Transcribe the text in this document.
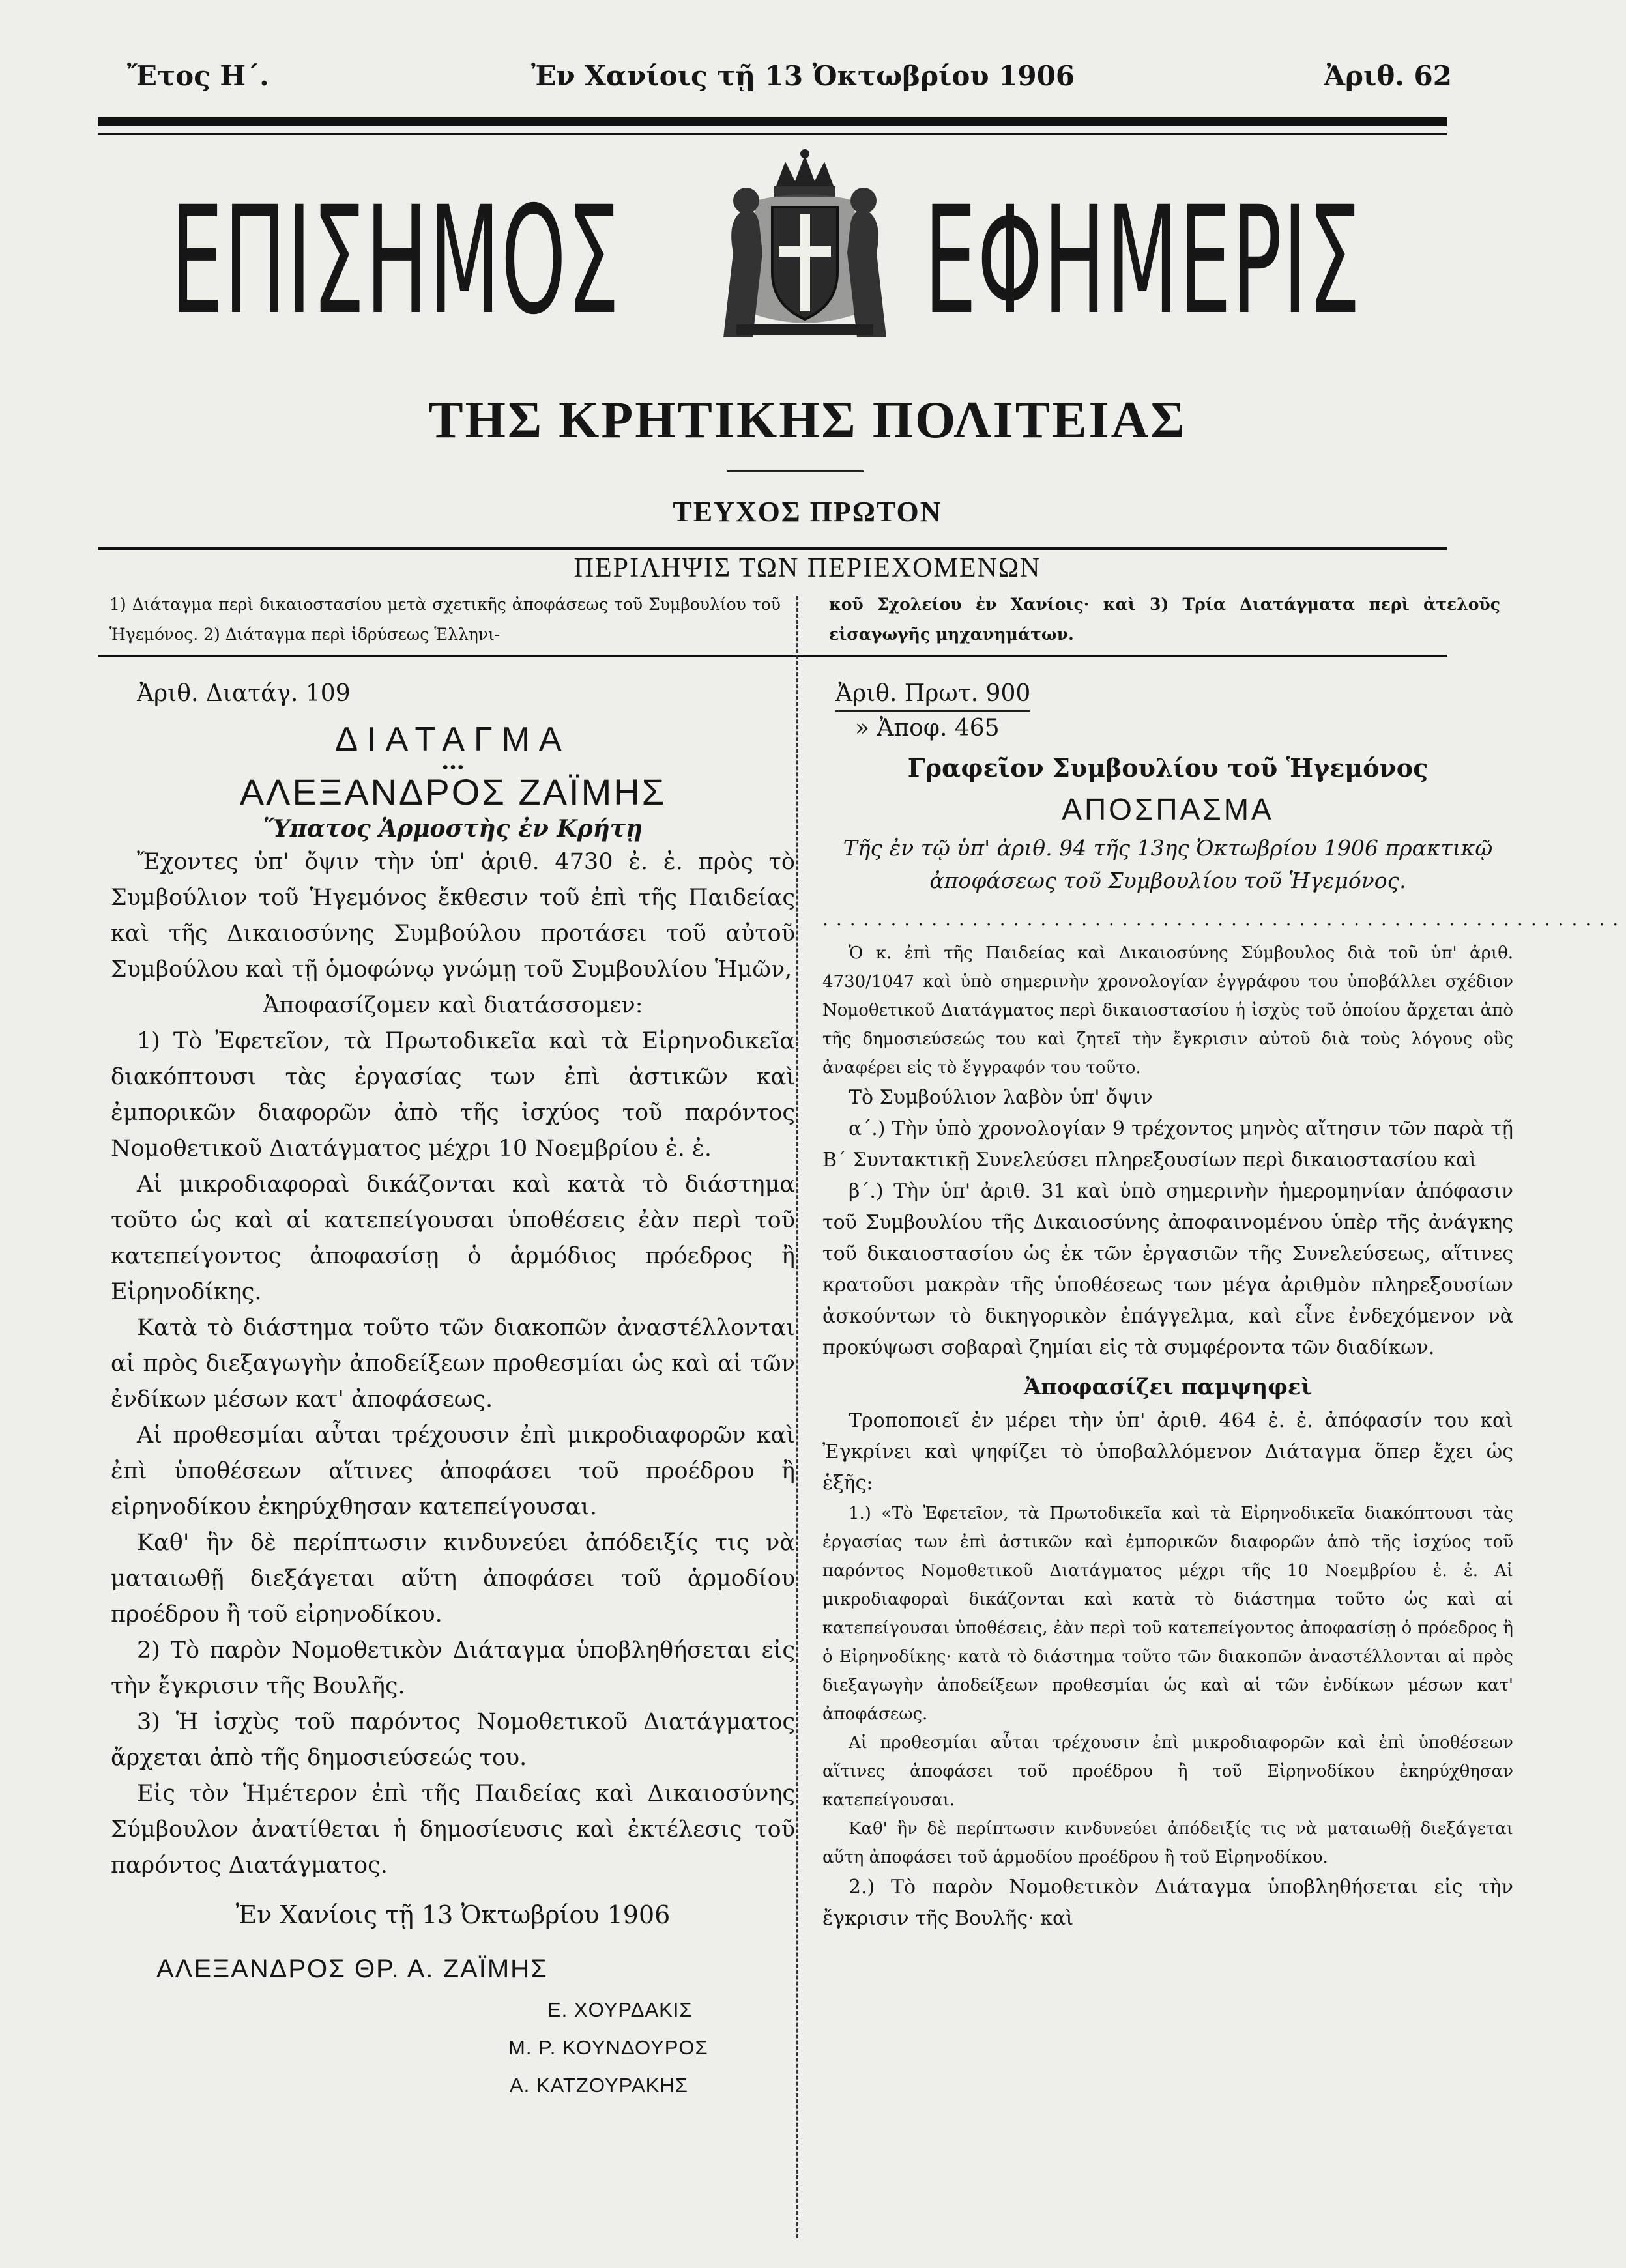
Ἔτος Η΄.	Ἐν Χανίοις τῇ 13 Ὀκτωβρίου 1906	Ἀριθ. 62
ΕΠΙΣΗΜΟΣ ΕΦΗΜΕΡΙΣ
ΤΗΣ ΚΡΗΤΙΚΗΣ ΠΟΛΙΤΕΙΑΣ
ΤΕΥΧΟΣ ΠΡΩΤΟΝ
ΠΕΡΙΛΗΨΙΣ ΤΩΝ ΠΕΡΙΕΧΟΜΕΝΩΝ
1) Διάταγμα περὶ δικαιοστασίου μετὰ σχετικῆς ἀποφάσεως τοῦ Συμβουλίου τοῦ Ἡγεμόνος. 2) Διάταγμα περὶ ἱδρύσεως Ἑλληνι-
κοῦ Σχολείου ἐν Χανίοις· καὶ 3) Τρία Διατάγματα περὶ ἀτελοῦς εἰσαγωγῆς μηχανημάτων.
Ἀριθ. Διατάγ. 109
ΔΙΑΤΑΓΜΑ
∙∙∙
ΑΛΕΞΑΝΔΡΟΣ ΖΑΪΜΗΣ
Ὕπατος Ἁρμοστὴς ἐν Κρήτῃ

Ἔχοντες ὑπ' ὄψιν τὴν ὑπ' ἀριθ. 4730 ἐ. ἐ. πρὸς τὸ Συμβούλιον τοῦ Ἡγεμόνος ἔκθεσιν τοῦ ἐπὶ τῆς Παιδείας καὶ τῆς Δικαιοσύνης Συμβούλου προτάσει τοῦ αὐτοῦ Συμβούλου καὶ τῇ ὁμοφώνῳ γνώμῃ τοῦ Συμβουλίου Ἡμῶν,

Ἀποφασίζομεν καὶ διατάσσομεν:

1) Τὸ Ἐφετεῖον, τὰ Πρωτοδικεῖα καὶ τὰ Εἰρηνοδικεῖα διακόπτουσι τὰς ἐργασίας των ἐπὶ ἀστικῶν καὶ ἐμπορικῶν διαφορῶν ἀπὸ τῆς ἰσχύος τοῦ παρόντος Νομοθετικοῦ Διατάγματος μέχρι 10 Νοεμβρίου ἐ. ἐ.

Αἱ μικροδιαφοραὶ δικάζονται καὶ κατὰ τὸ διάστημα τοῦτο ὡς καὶ αἱ κατεπείγουσαι ὑποθέσεις ἐὰν περὶ τοῦ κατεπείγοντος ἀποφασίσῃ ὁ ἁρμόδιος πρόεδρος ἢ Εἰρηνοδίκης.

Κατὰ τὸ διάστημα τοῦτο τῶν διακοπῶν ἀναστέλλονται αἱ πρὸς διεξαγωγὴν ἀποδείξεων προθεσμίαι ὡς καὶ αἱ τῶν ἐνδίκων μέσων κατ' ἀποφάσεως.

Αἱ προθεσμίαι αὗται τρέχουσιν ἐπὶ μικροδιαφορῶν καὶ ἐπὶ ὑποθέσεων αἵτινες ἀποφάσει τοῦ προέδρου ἢ εἰρηνοδίκου ἐκηρύχθησαν κατεπείγουσαι.

Καθ' ἣν δὲ περίπτωσιν κινδυνεύει ἀπόδειξίς τις νὰ ματαιωθῇ διεξάγεται αὕτη ἀποφάσει τοῦ ἁρμοδίου προέδρου ἢ τοῦ εἰρηνοδίκου.

2) Τὸ παρὸν Νομοθετικὸν Διάταγμα ὑποβληθήσεται εἰς τὴν ἔγκρισιν τῆς Βουλῆς.

3) Ἡ ἰσχὺς τοῦ παρόντος Νομοθετικοῦ Διατάγματος ἄρχεται ἀπὸ τῆς δημοσιεύσεώς του.

Εἰς τὸν Ἡμέτερον ἐπὶ τῆς Παιδείας καὶ Δικαιοσύνης Σύμβουλον ἀνατίθεται ἡ δημοσίευσις καὶ ἐκτέλεσις τοῦ παρόντος Διατάγματος.

Ἐν Χανίοις τῇ 13 Ὀκτωβρίου 1906
ΑΛΕΞΑΝΔΡΟΣ ΘΡ. Α. ΖΑΪΜΗΣ
Ε. ΧΟΥΡΔΑΚΙΣ
Μ. Ρ. ΚΟΥΝΔΟΥΡΟΣ
Α. ΚΑΤΖΟΥΡΑΚΗΣ
Ἀριθ. Πρωτ. 900
» Ἀποφ. 465
Γραφεῖον Συμβουλίου τοῦ Ἡγεμόνος
ΑΠΟΣΠΑΣΜΑ
Τῆς ἐν τῷ ὑπ' ἀριθ. 94 τῆς 13ης Ὀκτωβρίου 1906 πρακτικῷ ἀποφάσεως τοῦ Συμβουλίου τοῦ Ἡγεμόνος.
...........................................................

Ὁ κ. ἐπὶ τῆς Παιδείας καὶ Δικαιοσύνης Σύμβουλος διὰ τοῦ ὑπ' ἀριθ. 4730/1047 καὶ ὑπὸ σημερινὴν χρονολογίαν ἐγγράφου του ὑποβάλλει σχέδιον Νομοθετικοῦ Διατάγματος περὶ δικαιοστασίου ἡ ἰσχὺς τοῦ ὁποίου ἄρχεται ἀπὸ τῆς δημοσιεύσεώς του καὶ ζητεῖ τὴν ἔγκρισιν αὐτοῦ διὰ τοὺς λόγους οὓς ἀναφέρει εἰς τὸ ἔγγραφόν του τοῦτο.

Τὸ Συμβούλιον λαβὸν ὑπ' ὄψιν

α΄.) Τὴν ὑπὸ χρονολογίαν 9 τρέχοντος μηνὸς αἴτησιν τῶν παρὰ τῇ Β΄ Συντακτικῇ Συνελεύσει πληρεξουσίων περὶ δικαιοστασίου καὶ

β΄.) Τὴν ὑπ' ἀριθ. 31 καὶ ὑπὸ σημερινὴν ἡμερομηνίαν ἀπόφασιν τοῦ Συμβουλίου τῆς Δικαιοσύνης ἀποφαινομένου ὑπὲρ τῆς ἀνάγκης τοῦ δικαιοστασίου ὡς ἐκ τῶν ἐργασιῶν τῆς Συνελεύσεως, αἵτινες κρατοῦσι μακρὰν τῆς ὑποθέσεως των μέγα ἀριθμὸν πληρεξουσίων ἀσκούντων τὸ δικηγορικὸν ἐπάγγελμα, καὶ εἶνε ἐνδεχόμενον νὰ προκύψωσι σοβαραὶ ζημίαι εἰς τὰ συμφέροντα τῶν διαδίκων.

Ἀποφασίζει παμψηφεὶ

Τροποποιεῖ ἐν μέρει τὴν ὑπ' ἀριθ. 464 ἐ. ἐ. ἀπόφασίν του καὶ Ἐγκρίνει καὶ ψηφίζει τὸ ὑποβαλλόμενον Διάταγμα ὅπερ ἔχει ὡς ἑξῆς:

1.) «Τὸ Ἐφετεῖον, τὰ Πρωτοδικεῖα καὶ τὰ Εἰρηνοδικεῖα διακόπτουσι τὰς ἐργασίας των ἐπὶ ἀστικῶν καὶ ἐμπορικῶν διαφορῶν ἀπὸ τῆς ἰσχύος τοῦ παρόντος Νομοθετικοῦ Διατάγματος μέχρι τῆς 10 Νοεμβρίου ἐ. ἐ. Αἱ μικροδιαφοραὶ δικάζονται καὶ κατὰ τὸ διάστημα τοῦτο ὡς καὶ αἱ κατεπείγουσαι ὑποθέσεις, ἐὰν περὶ τοῦ κατεπείγοντος ἀποφασίσῃ ὁ πρόεδρος ἢ ὁ Εἰρηνοδίκης· κατὰ τὸ διάστημα τοῦτο τῶν διακοπῶν ἀναστέλλονται αἱ πρὸς διεξαγωγὴν ἀποδείξεων προθεσμίαι ὡς καὶ αἱ τῶν ἐνδίκων μέσων κατ' ἀποφάσεως.

Αἱ προθεσμίαι αὗται τρέχουσιν ἐπὶ μικροδιαφορῶν καὶ ἐπὶ ὑποθέσεων αἵτινες ἀποφάσει τοῦ προέδρου ἢ τοῦ Εἰρηνοδίκου ἐκηρύχθησαν κατεπείγουσαι.

Καθ' ἣν δὲ περίπτωσιν κινδυνεύει ἀπόδειξίς τις νὰ ματαιωθῇ διεξάγεται αὕτη ἀποφάσει τοῦ ἁρμοδίου προέδρου ἢ τοῦ Εἰρηνοδίκου.

2.) Τὸ παρὸν Νομοθετικὸν Διάταγμα ὑποβληθήσεται εἰς τὴν ἔγκρισιν τῆς Βουλῆς· καὶ
